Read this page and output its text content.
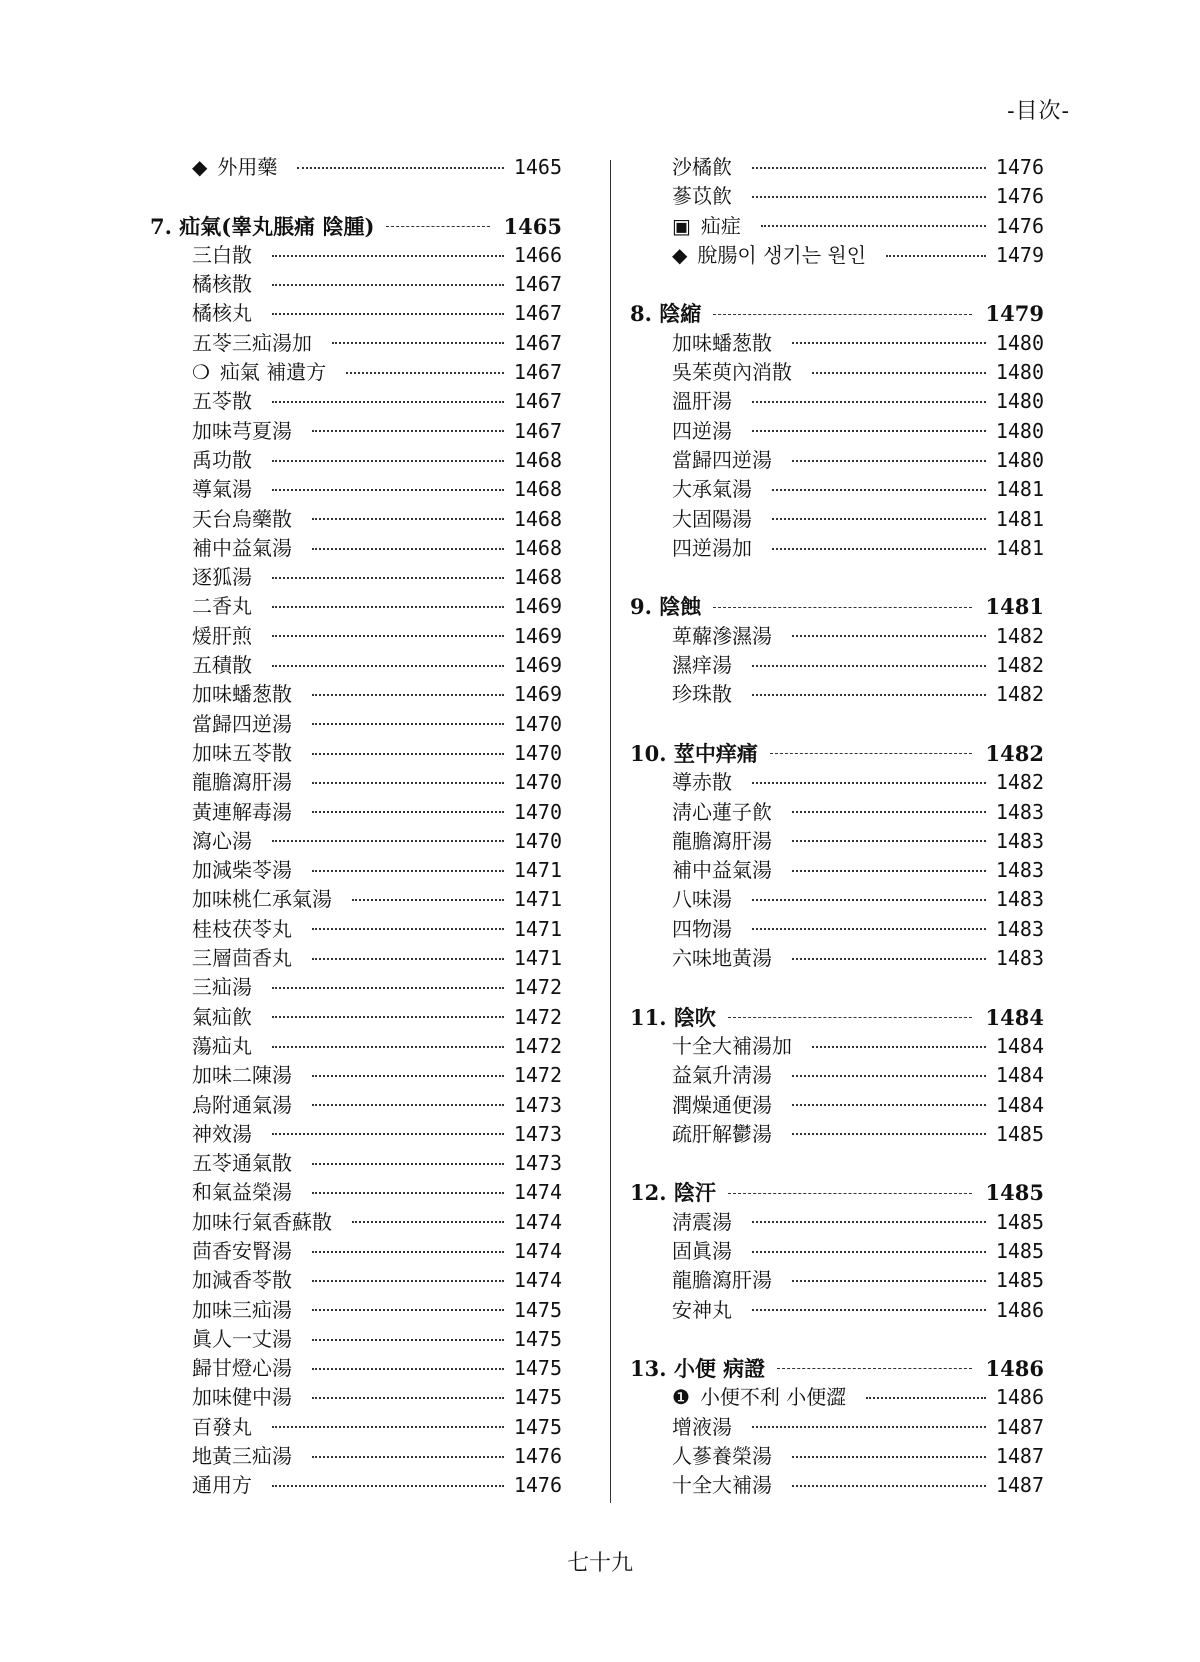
-目次-
◆ 外用藥	1465
7. 疝氣(睾丸脹痛 陰腫)	1465
三白散	1466
橘核散	1467
橘核丸	1467
五苓三疝湯加	1467
❍ 疝氣 補遺方	1467
五苓散	1467
加味芎夏湯	1467
禹功散	1468
導氣湯	1468
天台烏藥散	1468
補中益氣湯	1468
逐狐湯	1468
二香丸	1469
煖肝煎	1469
五積散	1469
加味蟠葱散	1469
當歸四逆湯	1470
加味五苓散	1470
龍膽瀉肝湯	1470
黃連解毒湯	1470
瀉心湯	1470
加減柴苓湯	1471
加味桃仁承氣湯	1471
桂枝茯苓丸	1471
三層茴香丸	1471
三疝湯	1472
氣疝飮	1472
蕩疝丸	1472
加味二陳湯	1472
烏附通氣湯	1473
神效湯	1473
五苓通氣散	1473
和氣益榮湯	1474
加味行氣香蘇散	1474
茴香安腎湯	1474
加減香苓散	1474
加味三疝湯	1475
眞人一丈湯	1475
歸甘燈心湯	1475
加味健中湯	1475
百發丸	1475
地黃三疝湯	1476
通用方	1476
沙橘飮	1476
蔘苡飮	1476
▣ 疝症	1476
◆ 脫腸이 생기는 원인	1479
8. 陰縮	1479
加味蟠葱散	1480
吳茱萸內消散	1480
溫肝湯	1480
四逆湯	1480
當歸四逆湯	1480
大承氣湯	1481
大固陽湯	1481
四逆湯加	1481
9. 陰蝕	1481
萆薢滲濕湯	1482
濕痒湯	1482
珍珠散	1482
10. 莖中痒痛	1482
導赤散	1482
淸心蓮子飮	1483
龍膽瀉肝湯	1483
補中益氣湯	1483
八味湯	1483
四物湯	1483
六味地黃湯	1483
11. 陰吹	1484
十全大補湯加	1484
益氣升淸湯	1484
潤燥通便湯	1484
疏肝解鬱湯	1485
12. 陰汗	1485
淸震湯	1485
固眞湯	1485
龍膽瀉肝湯	1485
安神丸	1486
13. 小便 病證	1486
❶ 小便不利 小便澀	1486
增液湯	1487
人蔘養榮湯	1487
十全大補湯	1487
七十九
